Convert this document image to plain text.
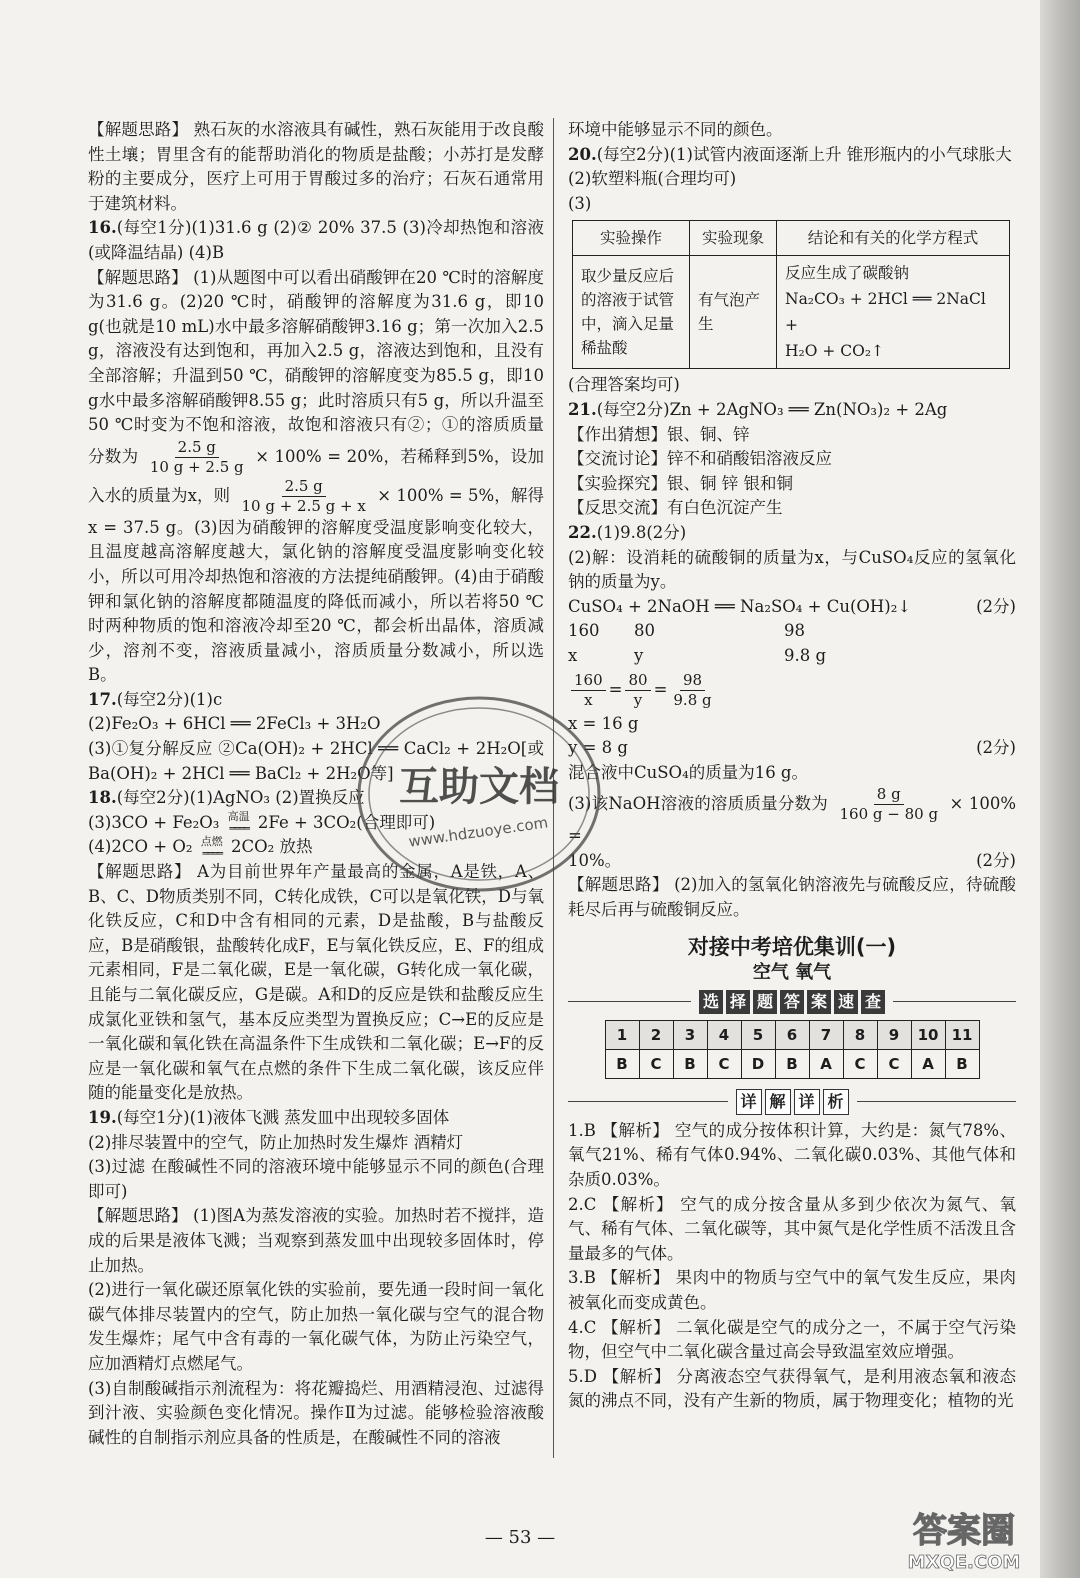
【解题思路】 熟石灰的水溶液具有碱性，熟石灰能用于改良酸性土壤；胃里含有的能帮助消化的物质是盐酸；小苏打是发酵粉的主要成分，医疗上可用于胃酸过多的治疗；石灰石通常用于建筑材料。

16.(每空1分)(1)31.6 g (2)② 20% 37.5 (3)冷却热饱和溶液(或降温结晶) (4)B

【解题思路】 (1)从题图中可以看出硝酸钾在20 ℃时的溶解度为31.6 g。(2)20 ℃时，硝酸钾的溶解度为31.6 g，即10 g(也就是10 mL)水中最多溶解硝酸钾3.16 g；第一次加入2.5 g，溶液没有达到饱和，再加入2.5 g，溶液达到饱和，且没有全部溶解；升温到50 ℃，硝酸钾的溶解度变为85.5 g，即10 g水中最多溶解硝酸钾8.55 g；此时溶质只有5 g，所以升温至50 ℃时变为不饱和溶液，故饱和溶液只有②；①的溶质质量分数为 $\frac{2.5 g}{10 g + 2.5 g} \times 100\% = 20\%$，若稀释到5%，设加入水的质量为x，则 $\frac{2.5 g}{10 g + 2.5 g + x} \times 100\% = 5\%$，解得 x = 37.5 g。(3)因为硝酸钾的溶解度受温度影响变化较大，且温度越高溶解度越大，氯化钠的溶解度受温度影响变化较小，所以可用冷却热饱和溶液的方法提纯硝酸钾。(4)由于硝酸钾和氯化钠的溶解度都随温度的降低而减小，所以若将50 ℃时两种物质的饱和溶液冷却至20 ℃，都会析出晶体，溶质减少，溶剂不变，溶液质量减小，溶质质量分数减小，所以选B。

17.(每空2分)(1)c

(2)Fe₂O₃ + 6HCl ══ 2FeCl₃ + 3H₂O

(3)①复分解反应 ②Ca(OH)₂ + 2HCl ══ CaCl₂ + 2H₂O[或Ba(OH)₂ + 2HCl ══ BaCl₂ + 2H₂O等]

18.(每空2分)(1)AgNO₃ (2)置换反应

(3)3CO + Fe₂O₃ 高温
════ 2Fe + 3CO₂(合理即可)

(4)2CO + O₂ 点燃
════ 2CO₂ 放热

【解题思路】 A为目前世界年产量最高的金属，A是铁，A、B、C、D物质类别不同，C转化成铁，C可以是氧化铁，D与氧化铁反应，C和D中含有相同的元素，D是盐酸，B与盐酸反应，B是硝酸银，盐酸转化成F，E与氧化铁反应，E、F的组成元素相同，F是二氧化碳，E是一氧化碳，G转化成一氧化碳，且能与二氧化碳反应，G是碳。A和D的反应是铁和盐酸反应生成氯化亚铁和氢气，基本反应类型为置换反应；C→E的反应是一氧化碳和氧化铁在高温条件下生成铁和二氧化碳；E→F的反应是一氧化碳和氧气在点燃的条件下生成二氧化碳，该反应伴随的能量变化是放热。

19.(每空1分)(1)液体飞溅 蒸发皿中出现较多固体

(2)排尽装置中的空气，防止加热时发生爆炸 酒精灯

(3)过滤 在酸碱性不同的溶液环境中能够显示不同的颜色(合理即可)

【解题思路】 (1)图A为蒸发溶液的实验。加热时若不搅拌，造成的后果是液体飞溅；当观察到蒸发皿中出现较多固体时，停止加热。

(2)进行一氧化碳还原氧化铁的实验前，要先通一段时间一氧化碳气体排尽装置内的空气，防止加热一氧化碳与空气的混合物发生爆炸；尾气中含有毒的一氧化碳气体，为防止污染空气，应加酒精灯点燃尾气。

(3)自制酸碱指示剂流程为：将花瓣捣烂、用酒精浸泡、过滤得到汁液、实验颜色变化情况。操作Ⅱ为过滤。能够检验溶液酸碱性的自制指示剂应具备的性质是，在酸碱性不同的溶液

环境中能够显示不同的颜色。

20.(每空2分)(1)试管内液面逐渐上升 锥形瓶内的小气球胀大

(2)软塑料瓶(合理均可)

(3)

实验操作	实验现象	结论和有关的化学方程式
取少量反应后的溶液于试管中，滴入足量稀盐酸	有气泡产生	反应生成了碳酸钠
Na₂CO₃ + 2HCl ══ 2NaCl +
H₂O + CO₂↑

(合理答案均可)

21.(每空2分)Zn + 2AgNO₃ ══ Zn(NO₃)₂ + 2Ag

【作出猜想】银、铜、锌

【交流讨论】锌不和硝酸铝溶液反应

【实验探究】银、铜 锌 银和铜

【反思交流】有白色沉淀产生

22.(1)9.8(2分)

(2)解：设消耗的硫酸铜的质量为x，与CuSO₄反应的氢氧化钠的质量为y。

CuSO₄ + 2NaOH ══ Na₂SO₄ + Cu(OH)₂↓	(2分)

160	80	98
x	y	9.8 g
$\frac{160}{x} = \frac{80}{y} = \frac{98}{9.8 g}$

x = 16 g

y = 8 g	(2分)

混合液中CuSO₄的质量为16 g。

(3)该NaOH溶液的溶质质量分数为 $\frac{8 g}{160 g - 80 g} \times 100\%$ =

10%。	(2分)

【解题思路】 (2)加入的氢氧化钠溶液先与硫酸反应，待硫酸耗尽后再与硫酸铜反应。

对接中考培优集训(一)
空气 氧气
选 择 题 答 案 速 查
1	2	3	4	5	6	7	8	9	10	11
B	C	B	C	D	B	A	C	C	A	B
详 解 详 析

1.B 【解析】 空气的成分按体积计算，大约是：氮气78%、氧气21%、稀有气体0.94%、二氧化碳0.03%、其他气体和杂质0.03%。

2.C 【解析】 空气的成分按含量从多到少依次为氮气、氧气、稀有气体、二氧化碳等，其中氮气是化学性质不活泼且含量最多的气体。

3.B 【解析】 果肉中的物质与空气中的氧气发生反应，果肉被氧化而变成黄色。

4.C 【解析】 二氧化碳是空气的成分之一，不属于空气污染物，但空气中二氧化碳含量过高会导致温室效应增强。

5.D 【解析】 分离液态空气获得氧气，是利用液态氧和液态氮的沸点不同，没有产生新的物质，属于物理变化；植物的光

— 53 —
互助文档
www.hdzuoye.com
答案圈
MXQE.COM
